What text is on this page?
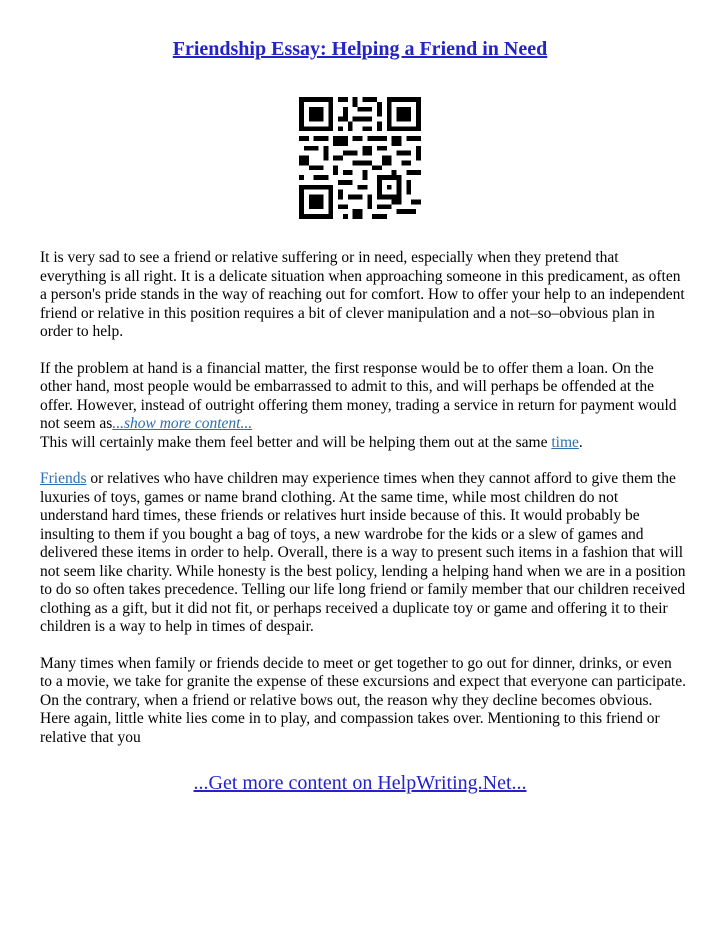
Friendship Essay: Helping a Friend in Need

It is very sad to see a friend or relative suffering or in need, especially when they pretend that everything is all right. It is a delicate situation when approaching someone in this predicament, as often a person's pride stands in the way of reaching out for comfort. How to offer your help to an independent friend or relative in this position requires a bit of clever manipulation and a not–so–obvious plan in order to help.

If the problem at hand is a financial matter, the first response would be to offer them a loan. On the other hand, most people would be embarrassed to admit to this, and will perhaps be offended at the offer. However, instead of outright offering them money, trading a service in return for payment would not seem as...show more content...
This will certainly make them feel better and will be helping them out at the same time.

Friends or relatives who have children may experience times when they cannot afford to give them the luxuries of toys, games or name brand clothing. At the same time, while most children do not understand hard times, these friends or relatives hurt inside because of this. It would probably be insulting to them if you bought a bag of toys, a new wardrobe for the kids or a slew of games and delivered these items in order to help. Overall, there is a way to present such items in a fashion that will not seem like charity. While honesty is the best policy, lending a helping hand when we are in a position to do so often takes precedence. Telling our life long friend or family member that our children received clothing as a gift, but it did not fit, or perhaps received a duplicate toy or game and offering it to their children is a way to help in times of despair.

Many times when family or friends decide to meet or get together to go out for dinner, drinks, or even to a movie, we take for granite the expense of these excursions and expect that everyone can participate. On the contrary, when a friend or relative bows out, the reason why they decline becomes obvious. Here again, little white lies come in to play, and compassion takes over. Mentioning to this friend or relative that you

...Get more content on HelpWriting.Net...
